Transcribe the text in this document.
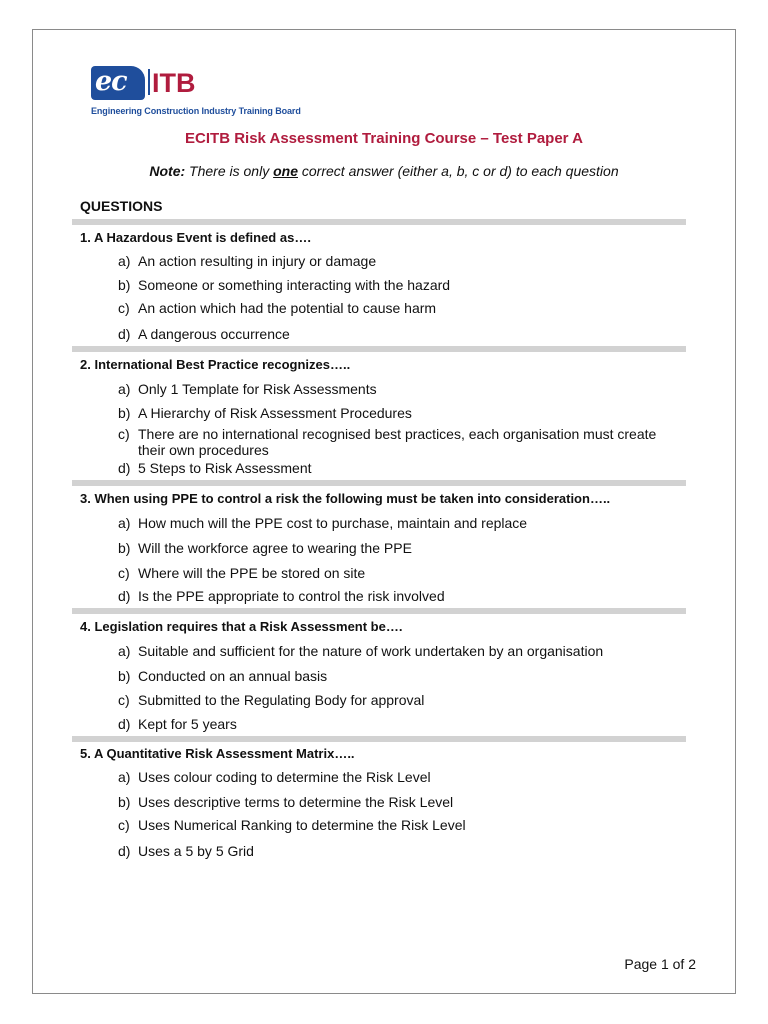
ec ITB
Engineering Construction Industry Training Board
ECITB Risk Assessment Training Course – Test Paper A
Note: There is only one correct answer (either a, b, c or d) to each question
QUESTIONS
1. A Hazardous Event is defined as….
a) An action resulting in injury or damage
b) Someone or something interacting with the hazard
c) An action which had the potential to cause harm
d) A dangerous occurrence
2. International Best Practice recognizes…..
a) Only 1 Template for Risk Assessments
b) A Hierarchy of Risk Assessment Procedures
c) There are no international recognised best practices, each organisation must create their own procedures
d) 5 Steps to Risk Assessment
3. When using PPE to control a risk the following must be taken into consideration…..
a) How much will the PPE cost to purchase, maintain and replace
b) Will the workforce agree to wearing the PPE
c) Where will the PPE be stored on site
d) Is the PPE appropriate to control the risk involved
4. Legislation requires that a Risk Assessment be….
a) Suitable and sufficient for the nature of work undertaken by an organisation
b) Conducted on an annual basis
c) Submitted to the Regulating Body for approval
d) Kept for 5 years
5. A Quantitative Risk Assessment Matrix…..
a) Uses colour coding to determine the Risk Level
b) Uses descriptive terms to determine the Risk Level
c) Uses Numerical Ranking to determine the Risk Level
d) Uses a 5 by 5 Grid
Page 1 of 2
